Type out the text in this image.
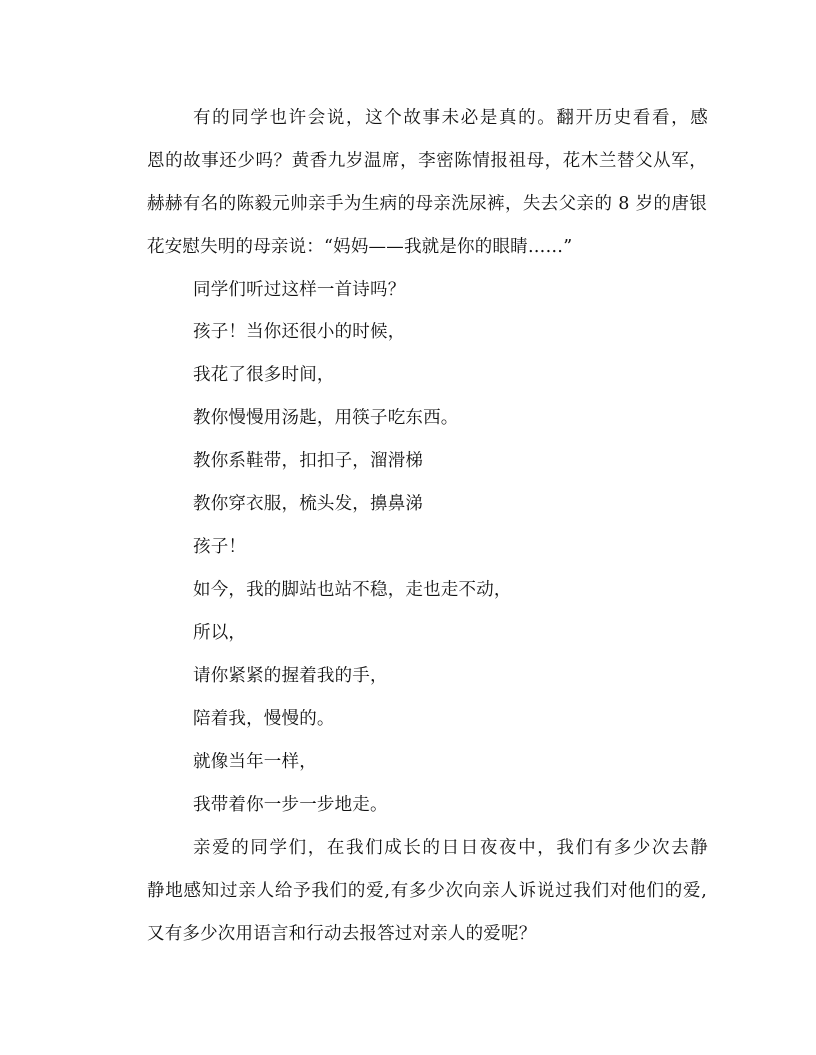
有的同学也许会说，这个故事未必是真的。翻开历史看看，感
恩的故事还少吗？黄香九岁温席，李密陈情报祖母，花木兰替父从军，
赫赫有名的陈毅元帅亲手为生病的母亲洗尿裤，失去父亲的 8 岁的唐银
花安慰失明的母亲说：“妈妈——我就是你的眼睛……”
同学们听过这样一首诗吗？
孩子！当你还很小的时候，
我花了很多时间，
教你慢慢用汤匙，用筷子吃东西。
教你系鞋带，扣扣子，溜滑梯
教你穿衣服，梳头发，擤鼻涕
孩子！
如今，我的脚站也站不稳，走也走不动，
所以，
请你紧紧的握着我的手，
陪着我，慢慢的。
就像当年一样，
我带着你一步一步地走。
亲爱的同学们，在我们成长的日日夜夜中，我们有多少次去静
静地感知过亲人给予我们的爱,有多少次向亲人诉说过我们对他们的爱,
又有多少次用语言和行动去报答过对亲人的爱呢？
